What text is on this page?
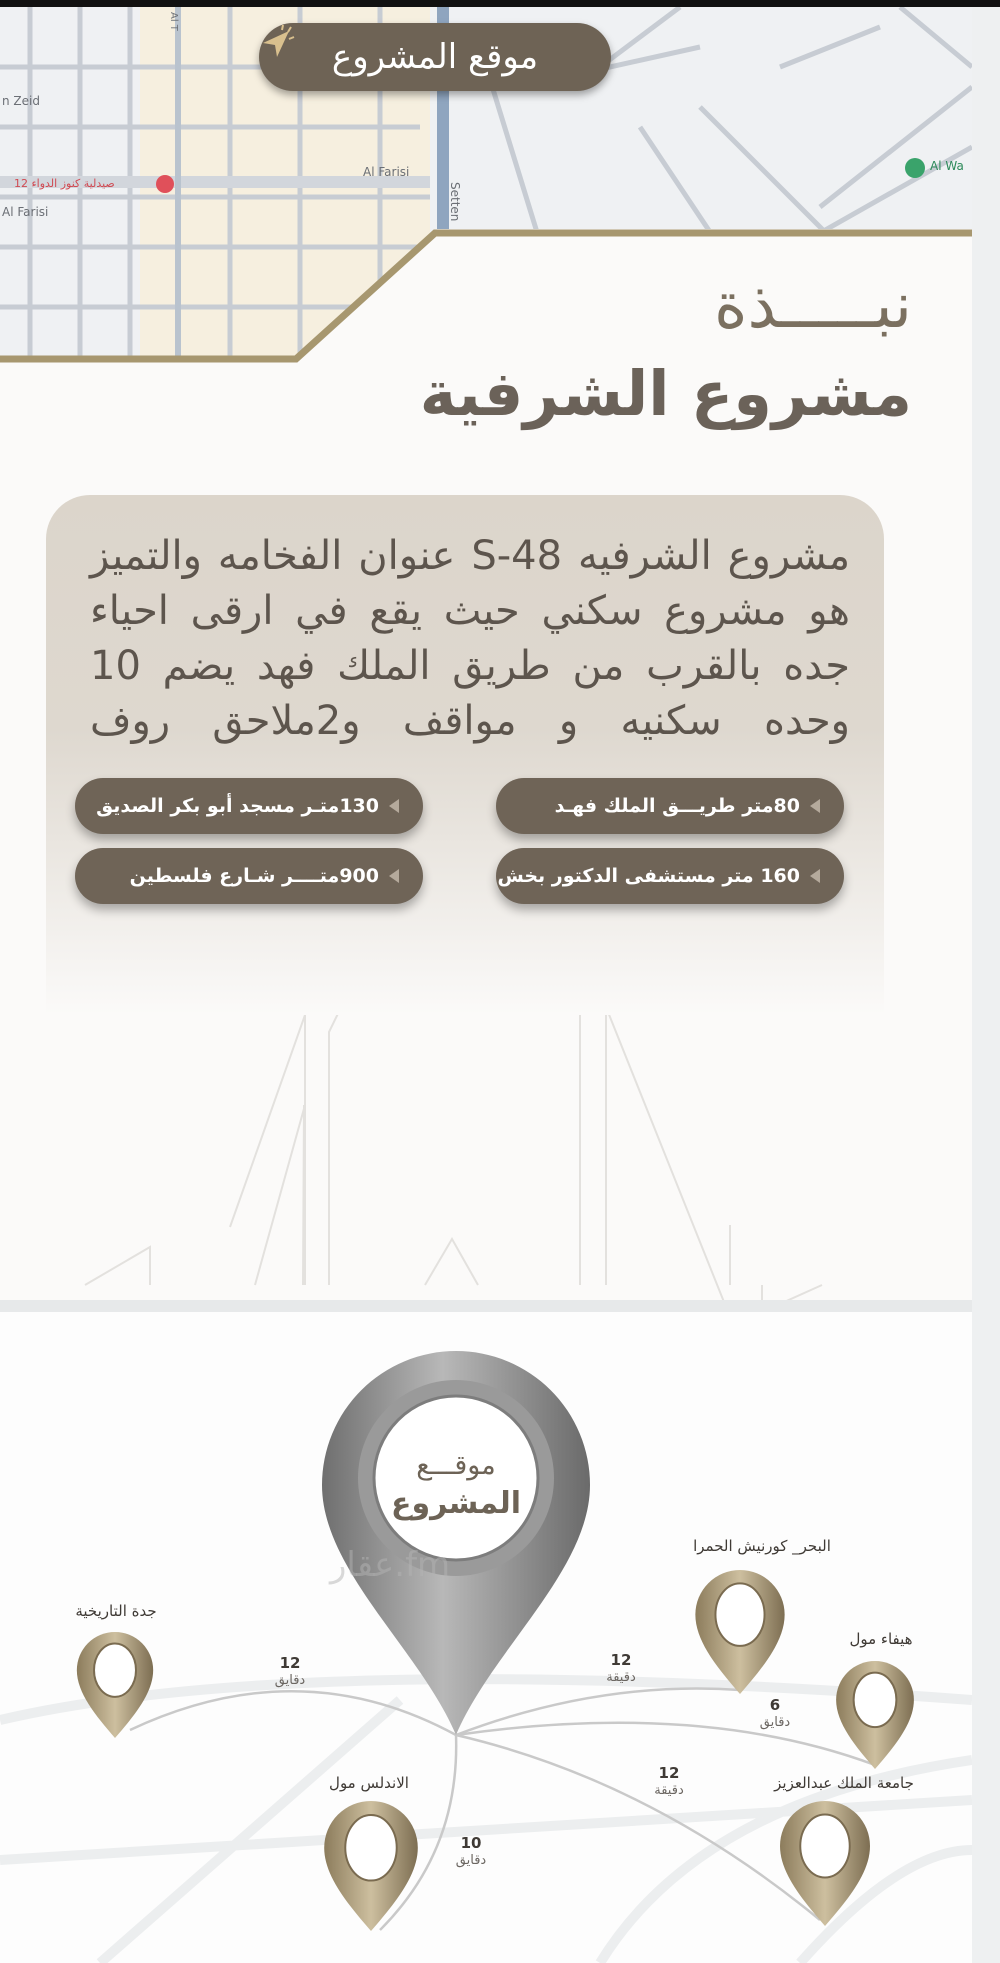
n Zeid
Al Farisi
Al Farisi	Setten
Al T
صيدلية كنوز الدواء 12
Al Wa
موقع المشروع
نبـــــذة
مشروع الشرفية

مشروع الشرفيه S-48 عنوان الفخامه والتميز هو مشروع سكني حيث يقع في ارقى احياء جده بالقرب من طريق الملك فهد يضم 10 وحده سكنيه و مواقف و2ملاحق روف

80متر طريـــق الملك فهـد
130متـر مسجد أبو بكر الصديق
160 متر مستشفى الدكتور بخش
900متــــر شـارع فلسطين
موقـــع
المشروع
عقار.fm
جدة التاريخية
البحر_ كورنيش الحمرا
هيفاء مول
جامعة الملك عبدالعزيز
الاندلس مول
12
دقايق
12
دقيقة
6
دقايق
12
دقيقة
10
دقايق
